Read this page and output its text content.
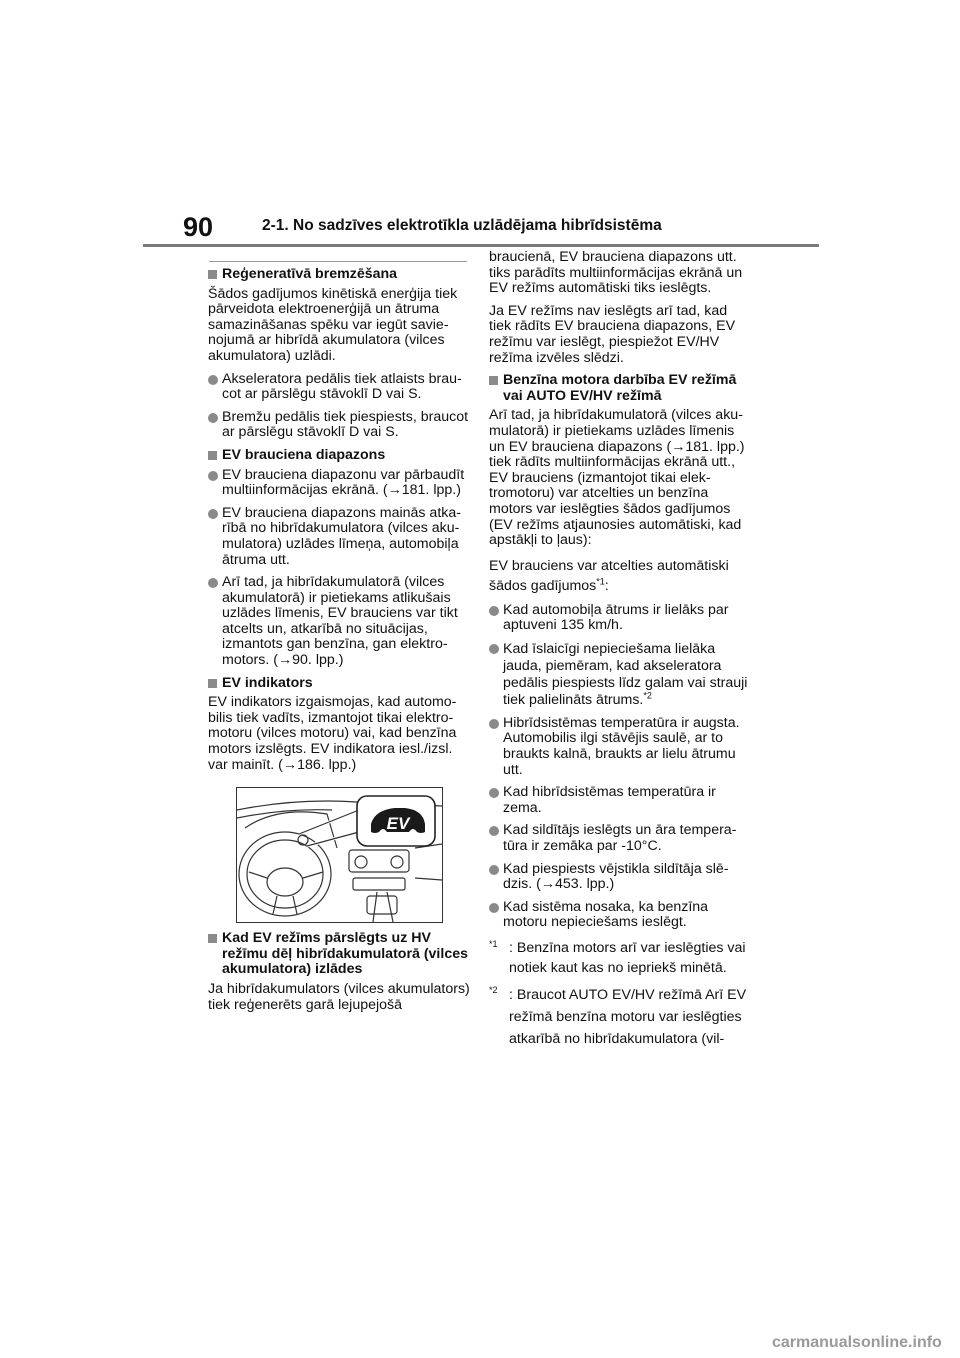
90	2-1. No sadzīves elektrotīkla uzlādējama hibrīdsistēma
Reģeneratīvā bremzēšana

Šādos gadījumos kinētiskā enerģija tiek pārveidota elektroenerģijā un ātruma samazināšanas spēku var iegūt savienojumā ar hibrīdā akumulatora (vilces akumulatora) uzlādi.

Akseleratora pedālis tiek atlaists braucot ar pārslēgu stāvoklī D vai S.
Bremžu pedālis tiek piespiests, braucot ar pārslēgu stāvoklī D vai S.
EV brauciena diapazons
EV brauciena diapazonu var pārbaudīt multiinformācijas ekrānā. (→181. lpp.)
EV brauciena diapazons mainās atkarībā no hibrīdakumulatora (vilces akumulatora) uzlādes līmeņa, automobiļa ātruma utt.
Arī tad, ja hibrīdakumulatorā (vilces akumulatorā) ir pietiekams atlikušais uzlādes līmenis, EV brauciens var tikt atcelts un, atkarībā no situācijas, izmantots gan benzīna, gan elektromotors. (→90. lpp.)
EV indikators

EV indikators izgaismojas, kad automobilis tiek vadīts, izmantojot tikai elektromotoru (vilces motoru) vai, kad benzīna motors izslēgts. EV indikatora iesl./izsl. var mainīt. (→186. lpp.)

EV
Kad EV režīms pārslēgts uz HV režīmu dēļ hibrīdakumulatorā (vilces akumulatora) izlādes

Ja hibrīdakumulators (vilces akumulators) tiek reģenerēts garā lejupejošā

braucienā, EV brauciena diapazons utt. tiks parādīts multiinformācijas ekrānā un EV režīms automātiski tiks ieslēgts.

Ja EV režīms nav ieslēgts arī tad, kad tiek rādīts EV brauciena diapazons, EV režīmu var ieslēgt, piespiežot EV/HV režīma izvēles slēdzi.

Benzīna motora darbība EV režīmā vai AUTO EV/HV režīmā

Arī tad, ja hibrīdakumulatorā (vilces akumulatorā) ir pietiekams uzlādes līmenis un EV brauciena diapazons (→181. lpp.) tiek rādīts multiinformācijas ekrānā utt., EV brauciens (izmantojot tikai elektromotoru) var atcelties un benzīna motors var ieslēgties šādos gadījumos (EV režīms atjaunosies automātiski, kad apstākļi to ļaus):

EV brauciens var atcelties automātiski šādos gadījumos$^{*1}$:

Kad automobiļa ātrums ir lielāks par aptuveni 135 km/h.
Kad īslaicīgi nepieciešama lielāka jauda, piemēram, kad akseleratora pedālis piespiests līdz galam vai strauji tiek palielināts ātrums.$^{*2}$
Hibrīdsistēmas temperatūra ir augsta. Automobilis ilgi stāvējis saulē, ar to braukts kalnā, braukts ar lielu ātrumu utt.
Kad hibrīdsistēmas temperatūra ir zema.
Kad sildītājs ieslēgts un āra temperatūra ir zemāka par -10°C.
Kad piespiests vējstikla sildītāja slēdzis. (→453. lpp.)
Kad sistēma nosaka, ka benzīna motoru nepieciešams ieslēgt.
*1 : Benzīna motors arī var ieslēgties vai notiek kaut kas no iepriekš minētā.
*2 : Braucot AUTO EV/HV režīmā Arī EV režīmā benzīna motoru var ieslēgties atkarībā no hibrīdakumulatora (vil-
carmanualsonline.info
